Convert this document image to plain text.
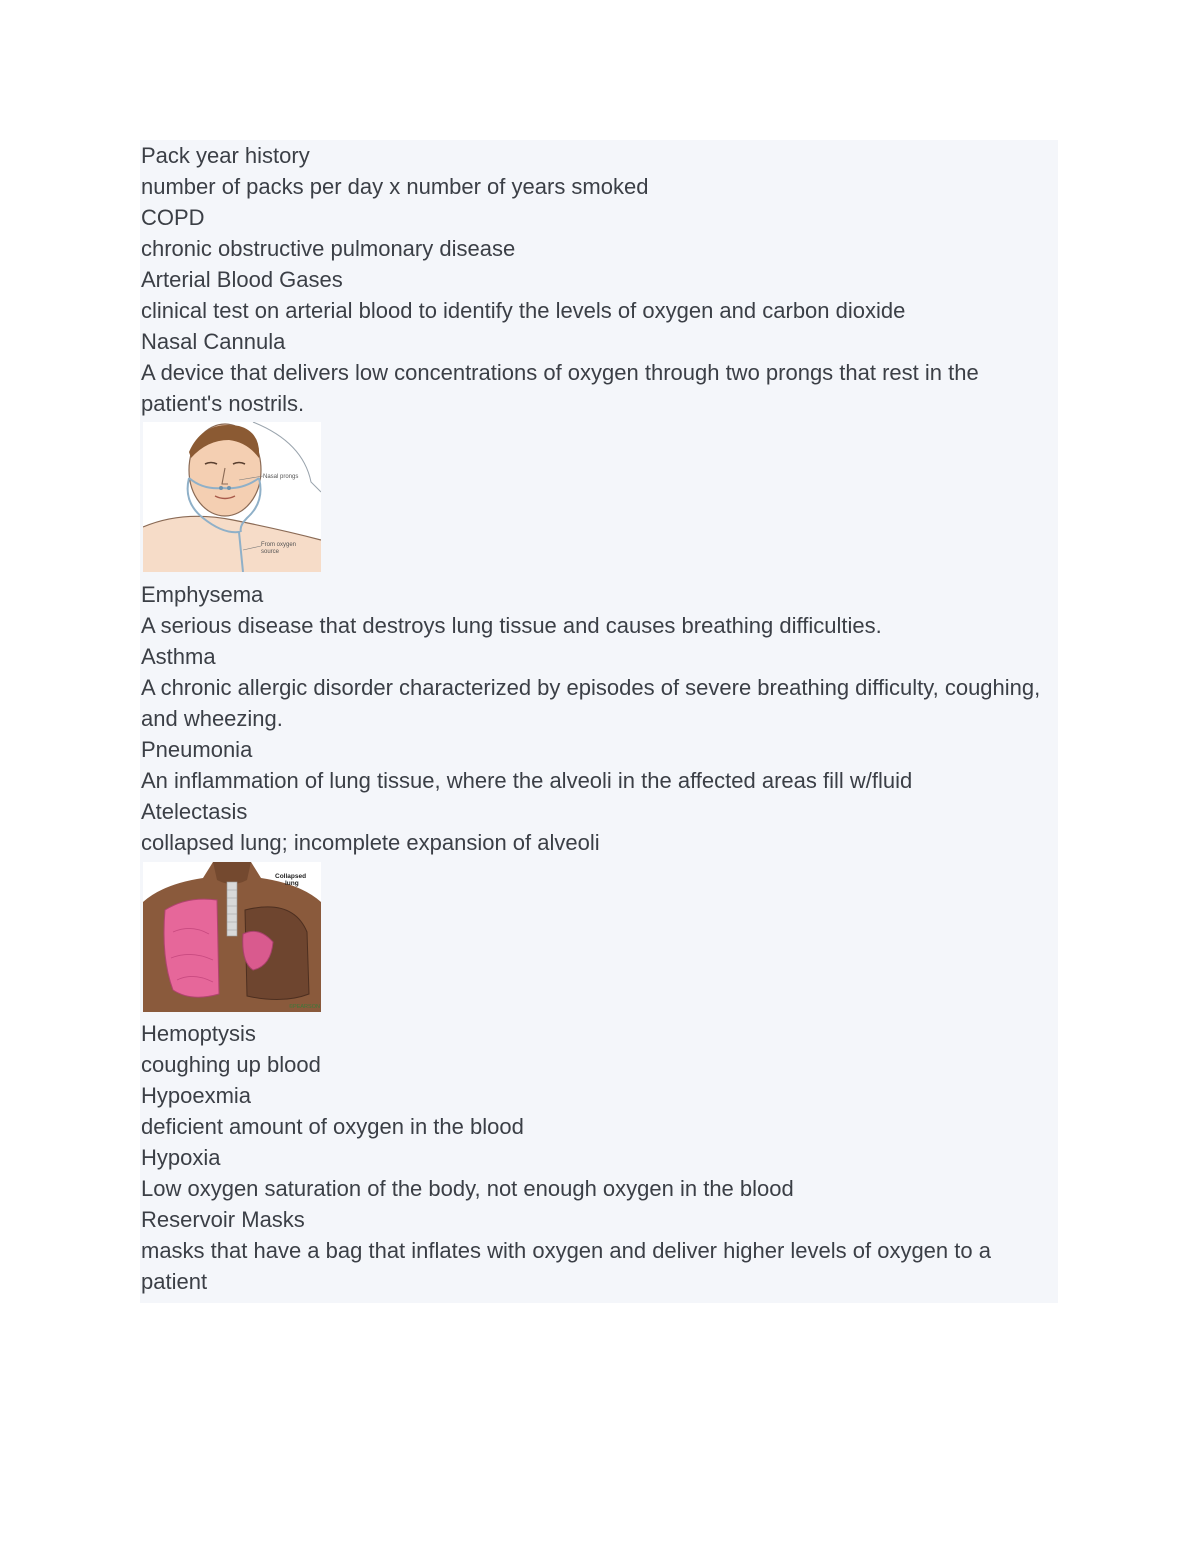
Pack year history
number of packs per day x number of years smoked
COPD
chronic obstructive pulmonary disease
Arterial Blood Gases
clinical test on arterial blood to identify the levels of oxygen and carbon dioxide
Nasal Cannula
A device that delivers low concentrations of oxygen through two prongs that rest in the patient's nostrils.
Nasal prongs
From oxygen
source
Emphysema
A serious disease that destroys lung tissue and causes breathing difficulties.
Asthma
A chronic allergic disorder characterized by episodes of severe breathing difficulty, coughing, and wheezing.
Pneumonia
An inflammation of lung tissue, where the alveoli in the affected areas fill w/fluid
Atelectasis
collapsed lung; incomplete expansion of alveoli
Collapsed
lung
©PEARSON
Hemoptysis
coughing up blood
Hypoexmia
deficient amount of oxygen in the blood
Hypoxia
Low oxygen saturation of the body, not enough oxygen in the blood
Reservoir Masks
masks that have a bag that inflates with oxygen and deliver higher levels of oxygen to a patient
